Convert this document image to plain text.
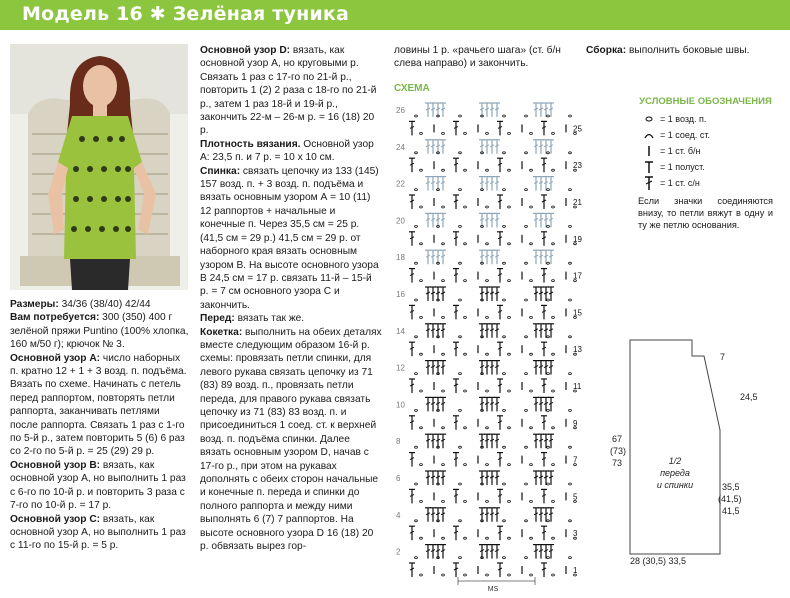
Модель 16 ✱ Зелёная туника

Размеры: 34/36 (38/40) 42/44

Вам потребуется: 300 (350) 400 г зелёной пряжи Puntino (100% хлопка, 160 м/50 г); крючок № 3.

Основной узор А: число наборных п. кратно 12 + 1 + 3 возд. п. подъёма. Вязать по схеме. Начинать с петель перед раппортом, повторять петли раппорта, заканчивать петлями после раппорта. Связать 1 раз с 1-го по 5-й р., затем повторить 5 (6) 6 раз со 2-го по 5-й р. = 25 (29) 29 р.

Основной узор В: вязать, как основной узор А, но выполнить 1 раз с 6-го по 10-й р. и повторить 3 раза с 7-го по 10-й р. = 17 р.

Основной узор С: вязать, как основной узор А, но выполнить 1 раз с 11-го по 15-й р. = 5 р.

Основной узор D: вязать, как основной узор А, но круговыми р. Связать 1 раз с 17-го по 21-й р., повторить 1 (2) 2 раза с 18-го по 21-й р., затем 1 раз 18-й и 19-й р., закончить 22-м – 26-м р. = 16 (18) 20 р.

Плотность вязания. Основной узор А: 23,5 п. и 7 р. = 10 х 10 см.

Спинка: связать цепочку из 133 (145) 157 возд. п. + 3 возд. п. подъёма и вязать основным узором А = 10 (11) 12 раппортов + начальные и конечные п. Через 35,5 см = 25 р. (41,5 см = 29 р.) 41,5 см = 29 р. от наборного края вязать основным узором В. На высоте основного узора В 24,5 см = 17 р. связать 11-й – 15-й р. = 7 см основного узора С и закончить.

Перед: вязать так же.

Кокетка: выполнить на обеих деталях вместе следующим образом 16-й р. схемы: провязать петли спинки, для левого рукава связать цепочку из 71 (83) 89 возд. п., провязать петли переда, для правого рукава связать цепочку из 71 (83) 83 возд. п. и присоединиться 1 соед. ст. к верхней возд. п. подъёма спинки. Далее вязать основным узором D, начав с 17-го р., при этом на рукавах дополнять с обеих сторон начальные и конечные п. переда и спинки до полного раппорта и между ними выполнять 6 (7) 7 раппортов. На высоте основного узора D 16 (18) 20 р. обвязать вырез гор-

ловины 1 р. «рачьего шага» (ст. б/н слева направо) и закончить.

Сборка: выполнить боковые швы.

СХЕМА
26
25
24
23
22
21
20
19
18
17
16
15
14
13
12
11
10
9
8
7
6
5
4
3
2
1
MS
УСЛОВНЫЕ ОБОЗНАЧЕНИЯ
= 1 возд. п.
= 1 соед. ст.
= 1 ст. б/н
= 1 полуст.
= 1 ст. с/н
Если значки соединяются внизу, то петли вяжут в одну и ту же петлю основания.
7
24,5
67
(73)
73
35,5
(41,5)
41,5
1/2
переда
и спинки
28 (30,5) 33,5
